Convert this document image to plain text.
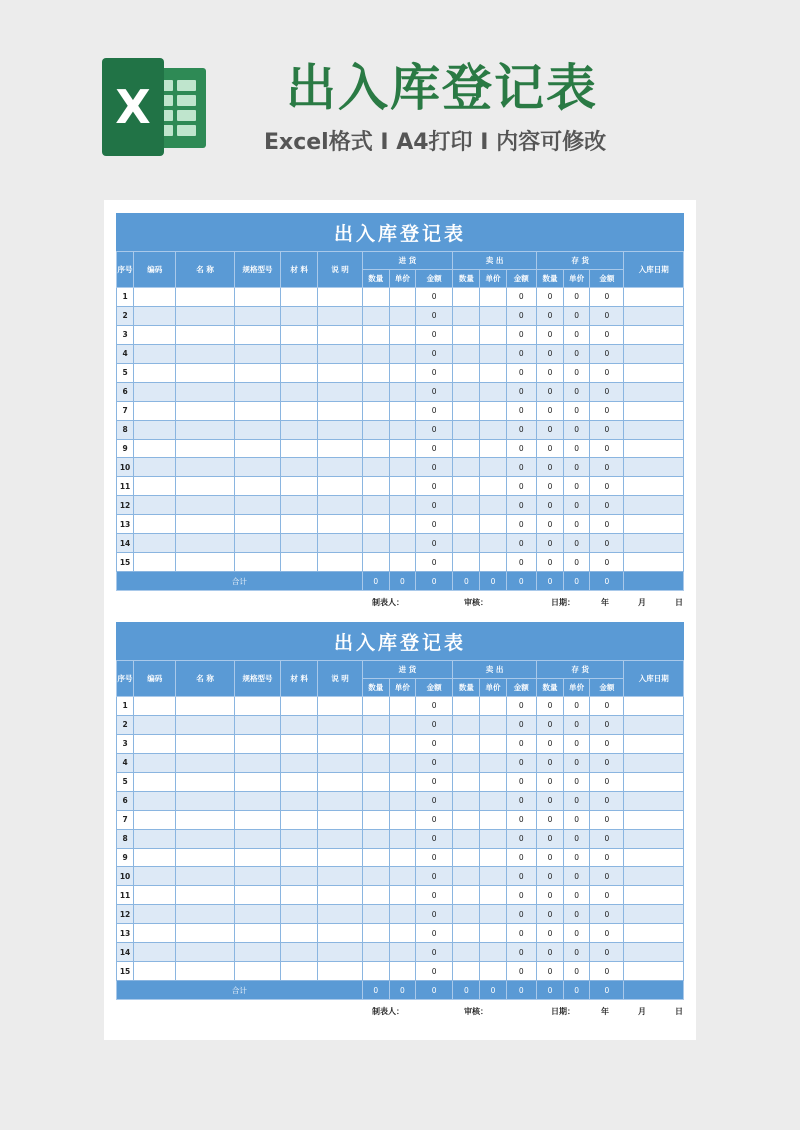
X	出入库登记表
Excel格式 I A4打印 I 内容可修改
出入库登记表
序号	编码	名 称	规格型号	材 料	说 明	进 货			卖 出			存 货			入库日期
						数量	单价	金额	数量	单价	金额	数量	单价	金额	
1								0			0	0	0	0	
2								0			0	0	0	0	
3								0			0	0	0	0	
4								0			0	0	0	0	
5								0			0	0	0	0	
6								0			0	0	0	0	
7								0			0	0	0	0	
8								0			0	0	0	0	
9								0			0	0	0	0	
10								0			0	0	0	0	
11								0			0	0	0	0	
12								0			0	0	0	0	
13								0			0	0	0	0	
14								0			0	0	0	0	
15								0			0	0	0	0	
合计						0	0	0	0	0	0	0	0	0	
制表人：	审核：	日期：	年	月	日
出入库登记表
序号	编码	名 称	规格型号	材 料	说 明	进 货			卖 出			存 货			入库日期
						数量	单价	金额	数量	单价	金额	数量	单价	金额	
1								0			0	0	0	0	
2								0			0	0	0	0	
3								0			0	0	0	0	
4								0			0	0	0	0	
5								0			0	0	0	0	
6								0			0	0	0	0	
7								0			0	0	0	0	
8								0			0	0	0	0	
9								0			0	0	0	0	
10								0			0	0	0	0	
11								0			0	0	0	0	
12								0			0	0	0	0	
13								0			0	0	0	0	
14								0			0	0	0	0	
15								0			0	0	0	0	
合计						0	0	0	0	0	0	0	0	0	
制表人：	审核：	日期：	年	月	日
